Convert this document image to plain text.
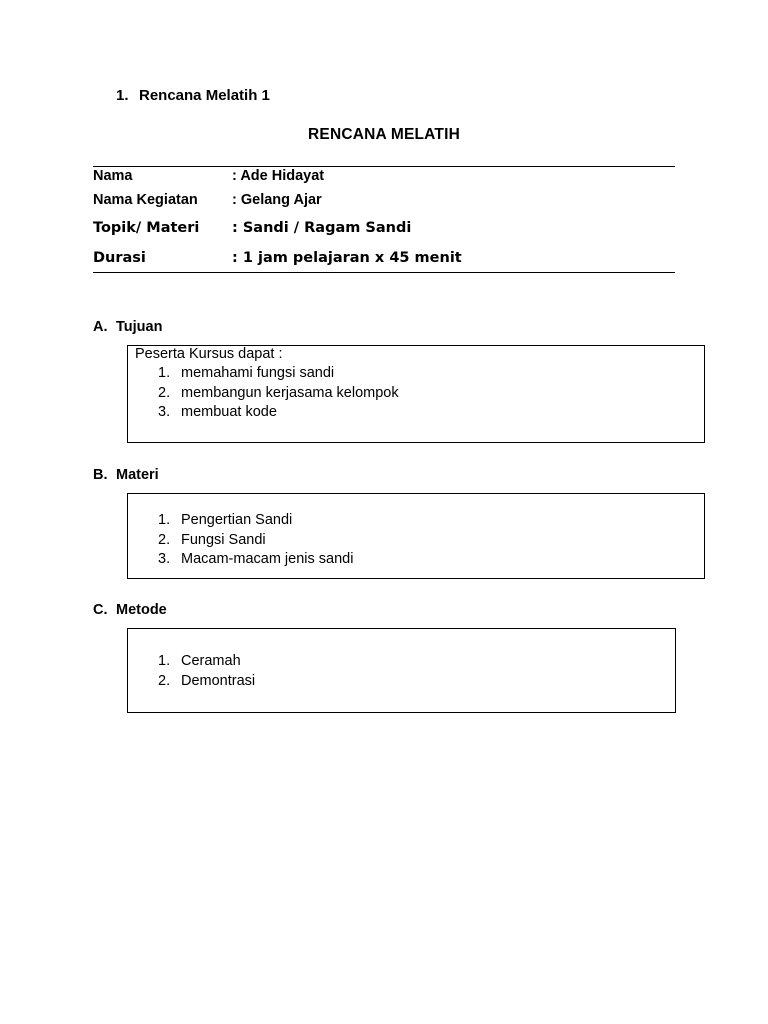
1. Rencana Melatih 1
RENCANA MELATIH
Nama	: Ade Hidayat
Nama Kegiatan : Gelang Ajar
Topik/ Materi : Sandi / Ragam Sandi
Durasi	: 1 jam pelajaran x 45 menit
A. Tujuan
Peserta Kursus dapat :
1. memahami fungsi sandi
2. membangun kerjasama kelompok
3. membuat kode
B. Materi
1. Pengertian Sandi
2. Fungsi Sandi
3. Macam-macam jenis sandi
C. Metode
1. Ceramah
2. Demontrasi
